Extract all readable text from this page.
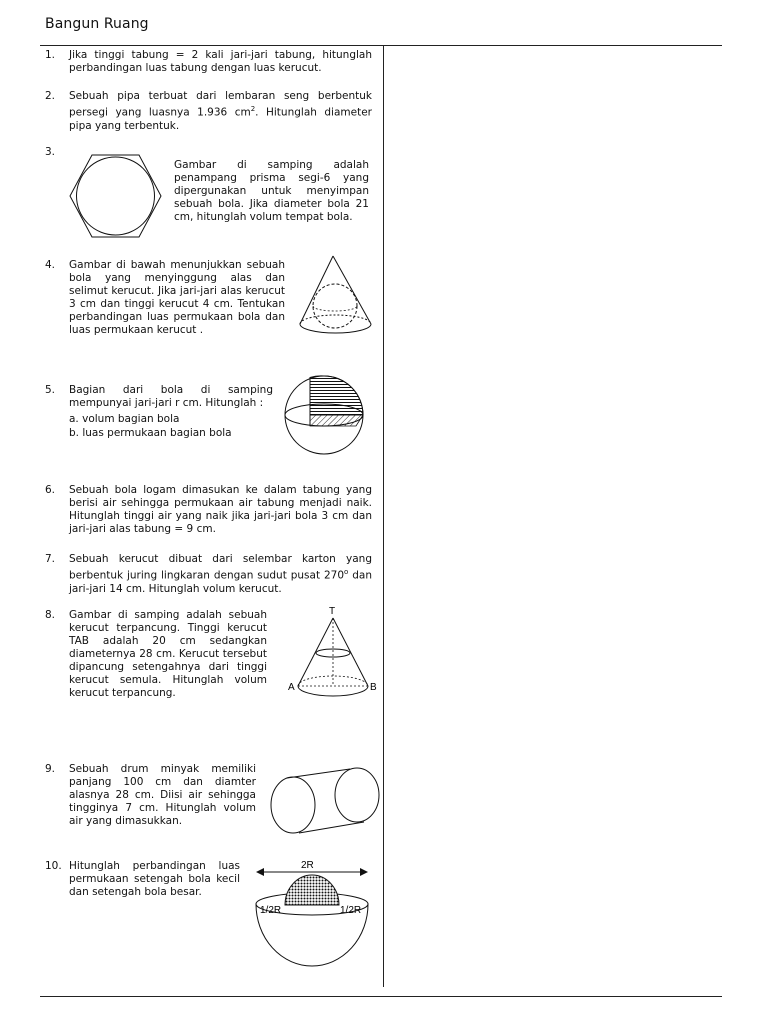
Bangun Ruang
1. Jika tinggi tabung = 2 kali jari-jari tabung, hitunglah perbandingan luas tabung dengan luas kerucut.
2. Sebuah pipa terbuat dari lembaran seng berbentuk persegi yang luasnya 1.936 $cm^2$. Hitunglah diameter pipa yang terbentuk.
3.
Gambar di samping adalah penampang prisma segi-6 yang dipergunakan untuk menyimpan sebuah bola. Jika diameter bola 21 cm, hitunglah volum tempat bola.
4. Gambar di bawah menunjukkan sebuah bola yang menyinggung alas dan selimut kerucut. Jika jari-jari alas kerucut 3 cm dan tinggi kerucut 4 cm. Tentukan perbandingan luas permukaan bola dan luas permukaan kerucut .
5. Bagian dari bola di samping mempunyai jari-jari r cm. Hitunglah :
a. volum bagian bola
b. luas permukaan bagian bola
6. Sebuah bola logam dimasukan ke dalam tabung yang berisi air sehingga permukaan air tabung menjadi naik. Hitunglah tinggi air yang naik jika jari-jari bola 3 cm dan jari-jari alas tabung = 9 cm.
7. Sebuah kerucut dibuat dari selembar karton yang berbentuk juring lingkaran dengan sudut pusat 270$^o$ dan jari-jari 14 cm. Hitunglah volum kerucut.
8. Gambar di samping adalah sebuah kerucut terpancung. Tinggi kerucut TAB adalah 20 cm sedangkan diameternya 28 cm. Kerucut tersebut dipancung setengahnya dari tinggi kerucut semula. Hitunglah volum kerucut terpancung.
T
A	B
9. Sebuah drum minyak memiliki panjang 100 cm dan diamter alasnya 28 cm. Diisi air sehingga tingginya 7 cm. Hitunglah volum air yang dimasukkan.
10. Hitunglah perbandingan luas permukaan setengah bola kecil dan setengah bola besar.
2R
1/2R	1/2R
